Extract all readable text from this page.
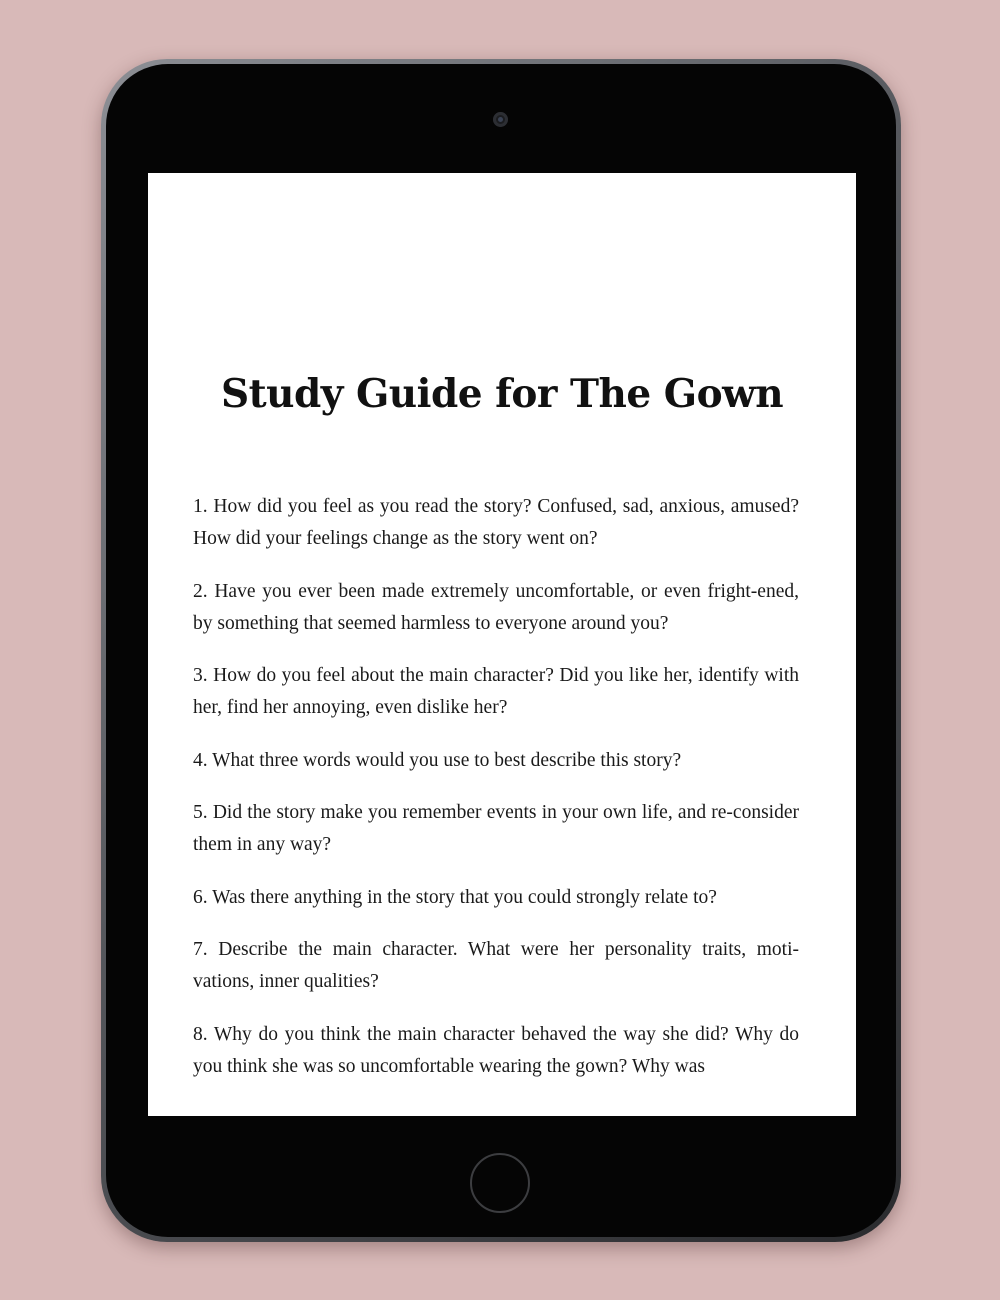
Study Guide for The Gown
1. How did you feel as you read the story? Confused, sad, anxious, amused? How did your feelings change as the story went on?
2. Have you ever been made extremely uncomfortable, or even fright-ened, by something that seemed harmless to everyone around you?
3. How do you feel about the main character? Did you like her, identify with her, find her annoying, even dislike her?
4. What three words would you use to best describe this story?
5. Did the story make you remember events in your own life, and re-consider them in any way?
6. Was there anything in the story that you could strongly relate to?
7. Describe the main character. What were her personality traits, moti-vations, inner qualities?
8. Why do you think the main character behaved the way she did? Why do you think she was so uncomfortable wearing the gown? Why was
